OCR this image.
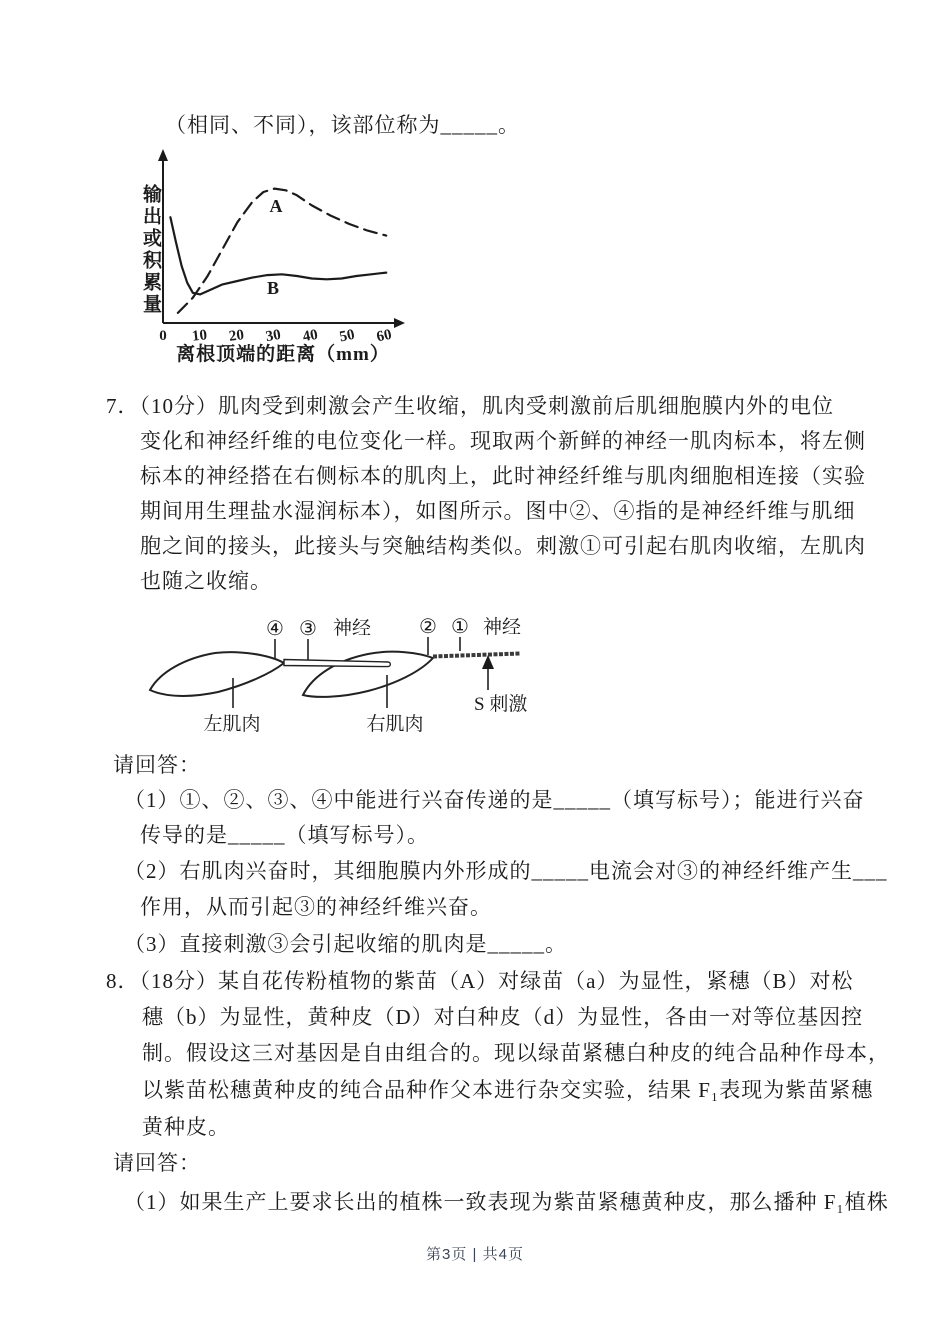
（相同、不同），该部位称为_____。
A
B
0 10 20 30 40 50 60
离根顶端的距离（mm）
输出或积累量
7．（10分）肌肉受到刺激会产生收缩，肌肉受刺激前后肌细胞膜内外的电位
变化和神经纤维的电位变化一样。现取两个新鲜的神经一肌肉标本，将左侧
标本的神经搭在右侧标本的肌肉上，此时神经纤维与肌肉细胞相连接（实验
期间用生理盐水湿润标本），如图所示。图中②、④指的是神经纤维与肌细
胞之间的接头，此接头与突触结构类似。刺激①可引起右肌肉收缩，左肌肉
也随之收缩。
④ ③ 神经 ② ① 神经
S 刺激
左肌肉	右肌肉
请回答：
（1）①、②、③、④中能进行兴奋传递的是_____（填写标号）；能进行兴奋
传导的是_____（填写标号）。
（2）右肌肉兴奋时，其细胞膜内外形成的_____电流会对③的神经纤维产生___
作用，从而引起③的神经纤维兴奋。
（3）直接刺激③会引起收缩的肌肉是_____。
8．（18分）某自花传粉植物的紫苗（A）对绿苗（a）为显性，紧穗（B）对松
穗（b）为显性，黄种皮（D）对白种皮（d）为显性，各由一对等位基因控
制。假设这三对基因是自由组合的。现以绿苗紧穗白种皮的纯合品种作母本，
以紫苗松穗黄种皮的纯合品种作父本进行杂交实验，结果 F₁表现为紫苗紧穗
黄种皮。
请回答：
（1）如果生产上要求长出的植株一致表现为紫苗紧穗黄种皮，那么播种 F₁植株
第3页 | 共4页
